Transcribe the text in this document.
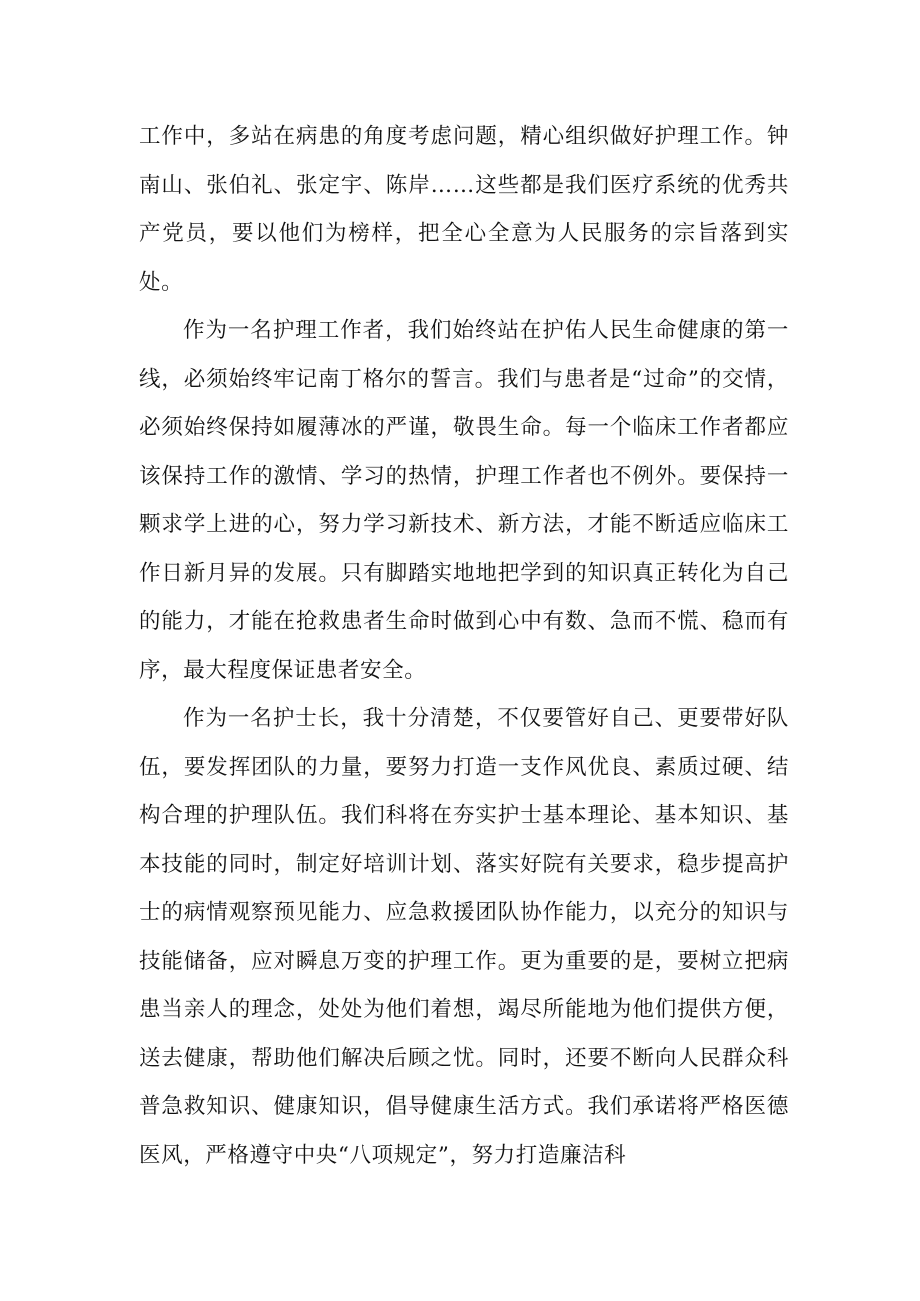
工作中，多站在病患的角度考虑问题，精心组织做好护理工作。钟南山、张伯礼、张定宇、陈岸……这些都是我们医疗系统的优秀共产党员，要以他们为榜样，把全心全意为人民服务的宗旨落到实处。

作为一名护理工作者，我们始终站在护佑人民生命健康的第一线，必须始终牢记南丁格尔的誓言。我们与患者是“过命”的交情，必须始终保持如履薄冰的严谨，敬畏生命。每一个临床工作者都应该保持工作的激情、学习的热情，护理工作者也不例外。要保持一颗求学上进的心，努力学习新技术、新方法，才能不断适应临床工作日新月异的发展。只有脚踏实地地把学到的知识真正转化为自己的能力，才能在抢救患者生命时做到心中有数、急而不慌、稳而有序，最大程度保证患者安全。

作为一名护士长，我十分清楚，不仅要管好自己、更要带好队伍，要发挥团队的力量，要努力打造一支作风优良、素质过硬、结构合理的护理队伍。我们科将在夯实护士基本理论、基本知识、基本技能的同时，制定好培训计划、落实好院有关要求，稳步提高护士的病情观察预见能力、应急救援团队协作能力，以充分的知识与技能储备，应对瞬息万变的护理工作。更为重要的是，要树立把病患当亲人的理念，处处为他们着想，竭尽所能地为他们提供方便，送去健康，帮助他们解决后顾之忧。同时，还要不断向人民群众科普急救知识、健康知识，倡导健康生活方式。我们承诺将严格医德医风，严格遵守中央“八项规定”，努力打造廉洁科
